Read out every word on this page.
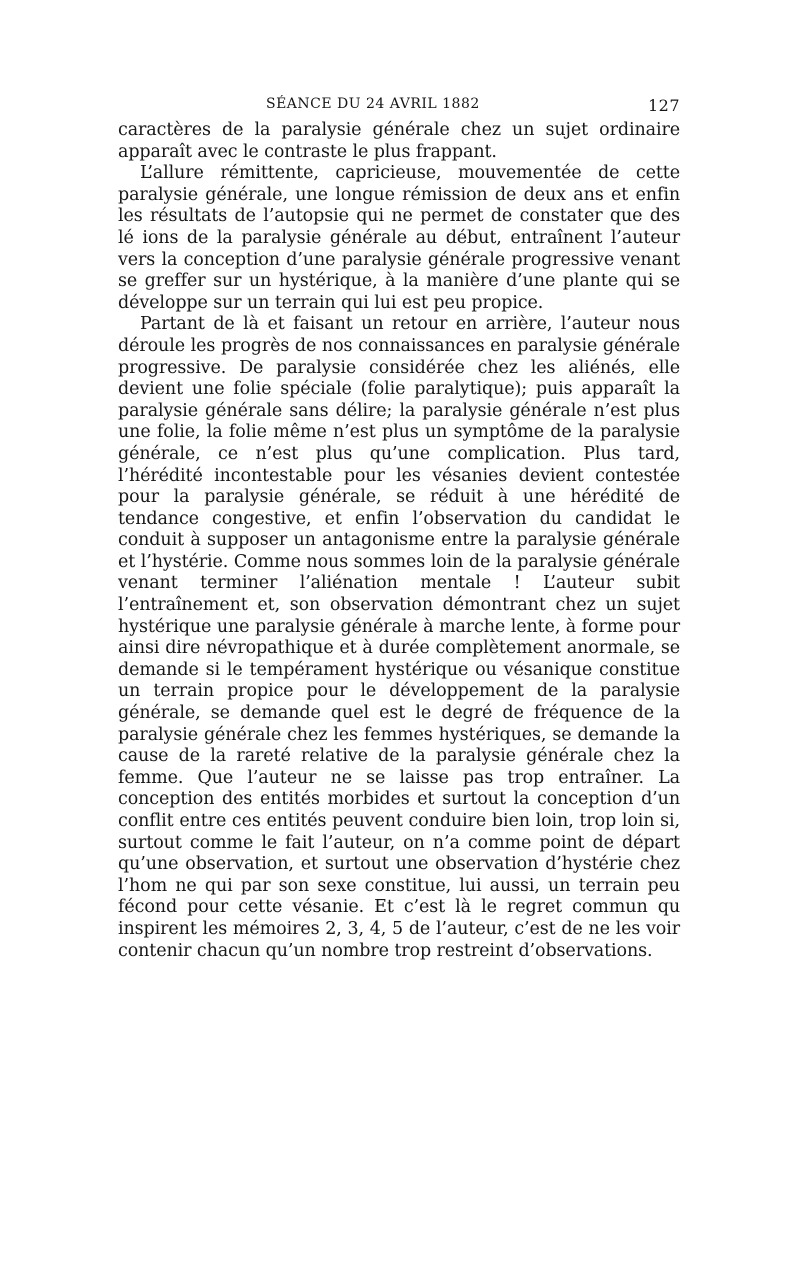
SÉANCE DU 24 AVRIL 1882	127

caractères de la paralysie générale chez un sujet ordinaire apparaît avec le contraste le plus frappant.

L’allure rémittente, capricieuse, mouvementée de cette paralysie générale, une longue rémission de deux ans et enfin les résultats de l’autopsie qui ne permet de constater que des lé ions de la paralysie générale au début, entraînent l’auteur vers la conception d’une paralysie générale progressive venant se greffer sur un hystérique, à la manière d’une plante qui se développe sur un terrain qui lui est peu propice.

Partant de là et faisant un retour en arrière, l’auteur nous déroule les progrès de nos connaissances en paralysie générale progressive. De paralysie considérée chez les aliénés, elle devient une folie spéciale (folie paralytique); puis apparaît la paralysie générale sans délire; la paralysie générale n’est plus une folie, la folie même n’est plus un symptôme de la paralysie générale, ce n’est plus qu’une complication. Plus tard, l’hérédité incontestable pour les vésanies devient contestée pour la paralysie générale, se réduit à une hérédité de tendance congestive, et enfin l’observation du candidat le conduit à supposer un antagonisme entre la paralysie générale et l’hystérie. Comme nous sommes loin de la paralysie générale venant terminer l’aliénation mentale ! L’auteur subit l’entraînement et, son observation démontrant chez un sujet hystérique une paralysie générale à marche lente, à forme pour ainsi dire névropathique et à durée complètement anormale, se demande si le tempérament hystérique ou vésanique constitue un terrain propice pour le développement de la paralysie générale, se demande quel est le degré de fréquence de la paralysie générale chez les femmes hystériques, se demande la cause de la rareté relative de la paralysie générale chez la femme. Que l’auteur ne se laisse pas trop entraîner. La conception des entités morbides et surtout la conception d’un conflit entre ces entités peuvent conduire bien loin, trop loin si, surtout comme le fait l’auteur, on n’a comme point de départ qu’une observation, et surtout une observation d’hystérie chez l’hom ne qui par son sexe constitue, lui aussi, un terrain peu fécond pour cette vésanie. Et c’est là le regret commun qu inspirent les mémoires 2, 3, 4, 5 de l’auteur, c’est de ne les voir contenir chacun qu’un nombre trop restreint d’observations.
